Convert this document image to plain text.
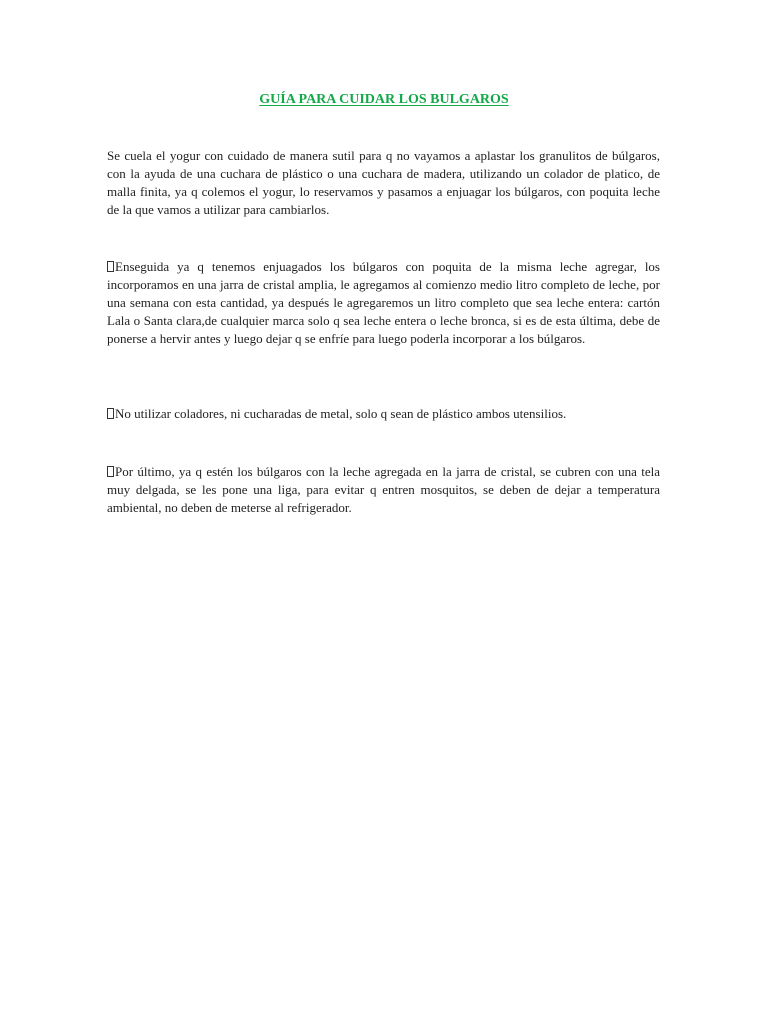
GUÍA PARA CUIDAR LOS BULGAROS

Se cuela el yogur con cuidado de manera sutil para q no vayamos a aplastar los granulitos de búlgaros, con la ayuda de una cuchara de plástico o una cuchara de madera, utilizando un colador de platico, de malla finita, ya q colemos el yogur, lo reservamos y pasamos a enjuagar los búlgaros, con poquita leche de la que vamos a utilizar para cambiarlos.

Enseguida ya q tenemos enjuagados los búlgaros con poquita de la misma leche agregar, los incorporamos en una jarra de cristal amplia, le agregamos al comienzo medio litro completo de leche, por una semana con esta cantidad, ya después le agregaremos un litro completo que sea leche entera: cartón Lala o Santa clara,de cualquier marca solo q sea leche entera o leche bronca, si es de esta última, debe de ponerse a hervir antes y luego dejar q se enfríe para luego poderla incorporar a los búlgaros.

No utilizar coladores, ni cucharadas de metal, solo q sean de plástico ambos utensilios.

Por último, ya q estén los búlgaros con la leche agregada en la jarra de cristal, se cubren con una tela muy delgada, se les pone una liga, para evitar q entren mosquitos, se deben de dejar a temperatura ambiental, no deben de meterse al refrigerador.
